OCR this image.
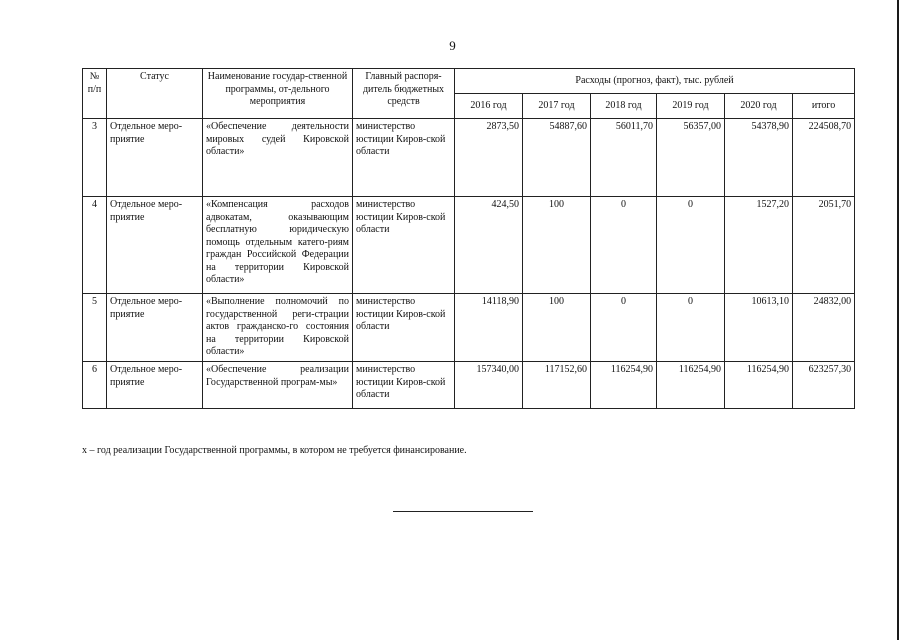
9
№ п/п	Статус	Наименование государ-ственной программы, от-дельного мероприятия	Главный распоря-дитель бюджетных средств	Расходы (прогноз, факт), тыс. рублей					
				2016 год	2017 год	2018 год	2019 год	2020 год	итого
3	Отдельное меро-приятие	«Обеспечение деятельности мировых судей Кировской области»	министерство юстиции Киров-ской области	2873,50	54887,60	56011,70	56357,00	54378,90	224508,70
4	Отдельное меро-приятие	«Компенсация расходов адвокатам, оказывающим бесплатную юридическую помощь отдельным катего-риям граждан Российской Федерации на территории Кировской области»	министерство юстиции Киров-ской области	424,50	100	0	0	1527,20	2051,70
5	Отдельное меро-приятие	«Выполнение полномочий по государственной реги-страции актов гражданско-го состояния на территории Кировской области»	министерство юстиции Киров-ской области	14118,90	100	0	0	10613,10	24832,00
6	Отдельное меро-приятие	«Обеспечение реализации Государственной програм-мы»	министерство юстиции Киров-ской области	157340,00	117152,60	116254,90	116254,90	116254,90	623257,30
х – год реализации Государственной программы, в котором не требуется финансирование.
